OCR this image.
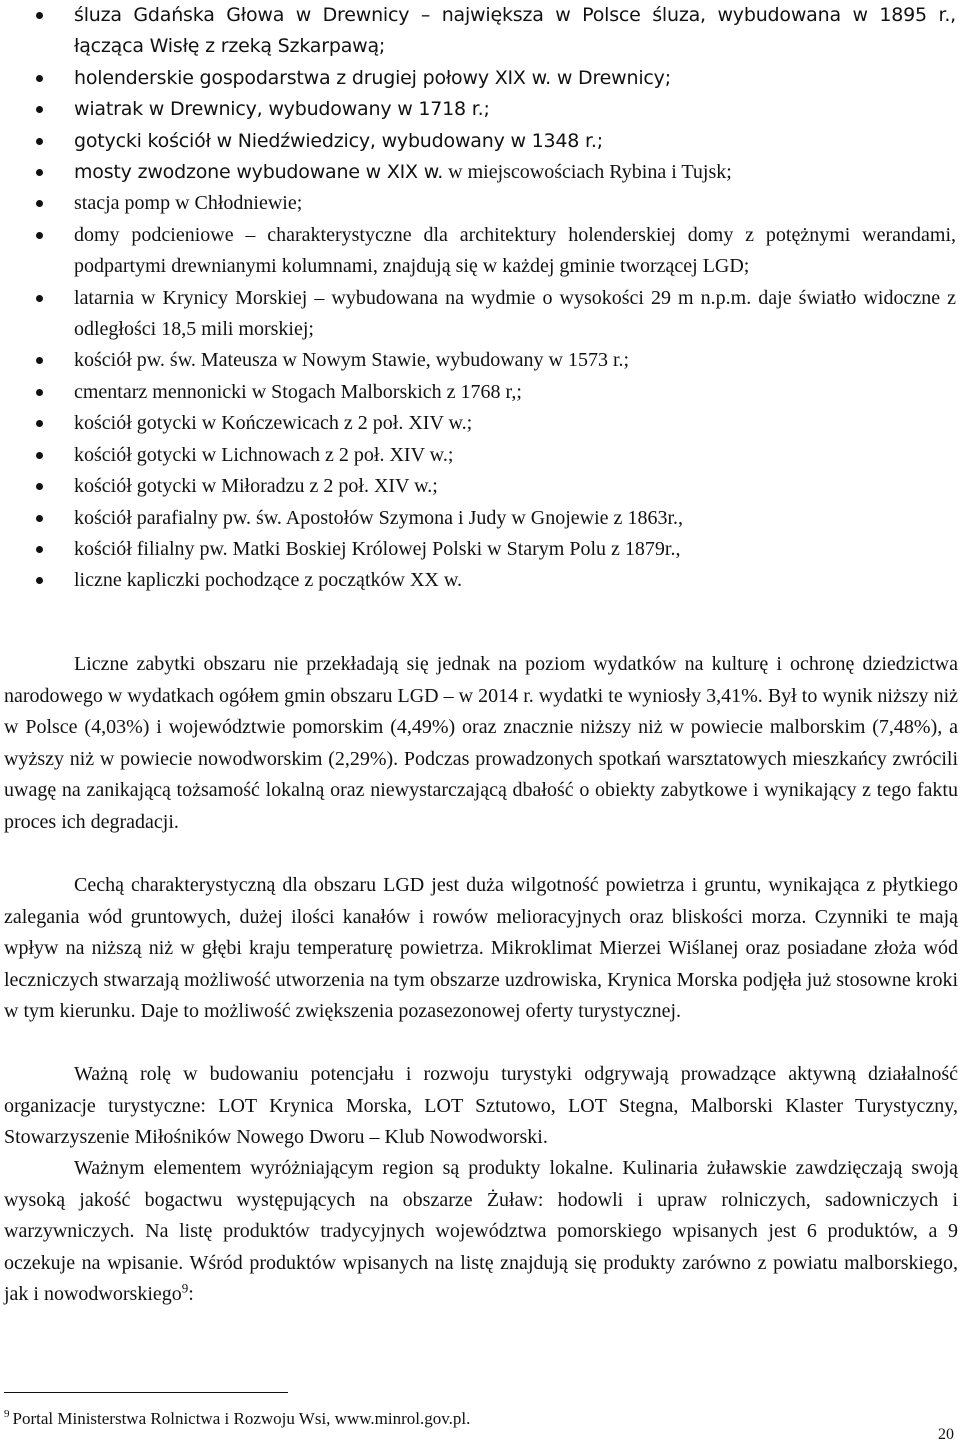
śluza Gdańska Głowa w Drewnicy – największa w Polsce śluza, wybudowana w 1895 r., łącząca Wisłę z rzeką Szkarpawą;
holenderskie gospodarstwa z drugiej połowy XIX w. w Drewnicy;
wiatrak w Drewnicy, wybudowany w 1718 r.;
gotycki kościół w Niedźwiedzicy, wybudowany w 1348 r.;
mosty zwodzone wybudowane w XIX w. w miejscowościach Rybina i Tujsk;
stacja pomp w Chłodniewie;
domy podcieniowe – charakterystyczne dla architektury holenderskiej domy z potężnymi werandami, podpartymi drewnianymi kolumnami, znajdują się w każdej gminie tworzącej LGD;
latarnia w Krynicy Morskiej – wybudowana na wydmie o wysokości 29 m n.p.m. daje światło widoczne z odległości 18,5 mili morskiej;
kościół pw. św. Mateusza w Nowym Stawie, wybudowany w 1573 r.;
cmentarz mennonicki w Stogach Malborskich z 1768 r,;
kościół gotycki w Kończewicach z 2 poł. XIV w.;
kościół gotycki w Lichnowach z 2 poł. XIV w.;
kościół gotycki w Miłoradzu z 2 poł. XIV w.;
kościół parafialny pw. św. Apostołów Szymona i Judy w Gnojewie z 1863r.,
kościół filialny pw. Matki Boskiej Królowej Polski w Starym Polu z 1879r.,
liczne kapliczki pochodzące z początków XX w.

Liczne zabytki obszaru nie przekładają się jednak na poziom wydatków na kulturę i ochronę dziedzictwa narodowego w wydatkach ogółem gmin obszaru LGD – w 2014 r. wydatki te wyniosły 3,41%. Był to wynik niższy niż w Polsce (4,03%) i województwie pomorskim (4,49%) oraz znacznie niższy niż w powiecie malborskim (7,48%), a wyższy niż w powiecie nowodworskim (2,29%). Podczas prowadzonych spotkań warsztatowych mieszkańcy zwrócili uwagę na zanikającą tożsamość lokalną oraz niewystarczającą dbałość o obiekty zabytkowe i wynikający z tego faktu proces ich degradacji.

Cechą charakterystyczną dla obszaru LGD jest duża wilgotność powietrza i gruntu, wynikająca z płytkiego zalegania wód gruntowych, dużej ilości kanałów i rowów melioracyjnych oraz bliskości morza. Czynniki te mają wpływ na niższą niż w głębi kraju temperaturę powietrza. Mikroklimat Mierzei Wiślanej oraz posiadane złoża wód leczniczych stwarzają możliwość utworzenia na tym obszarze uzdrowiska, Krynica Morska podjęła już stosowne kroki w tym kierunku. Daje to możliwość zwiększenia pozasezonowej oferty turystycznej.

Ważną rolę w budowaniu potencjału i rozwoju turystyki odgrywają prowadzące aktywną działalność organizacje turystyczne: LOT Krynica Morska, LOT Sztutowo, LOT Stegna, Malborski Klaster Turystyczny, Stowarzyszenie Miłośników Nowego Dworu – Klub Nowodworski.

Ważnym elementem wyróżniającym region są produkty lokalne. Kulinaria żuławskie zawdzięczają swoją wysoką jakość bogactwu występujących na obszarze Żuław: hodowli i upraw rolniczych, sadowniczych i warzywniczych. Na listę produktów tradycyjnych województwa pomorskiego wpisanych jest 6 produktów, a 9 oczekuje na wpisanie. Wśród produktów wpisanych na listę znajdują się produkty zarówno z powiatu malborskiego, jak i nowodworskiego$^9$:

$^9$ Portal Ministerstwa Rolnictwa i Rozwoju Wsi, www.minrol.gov.pl.

20
